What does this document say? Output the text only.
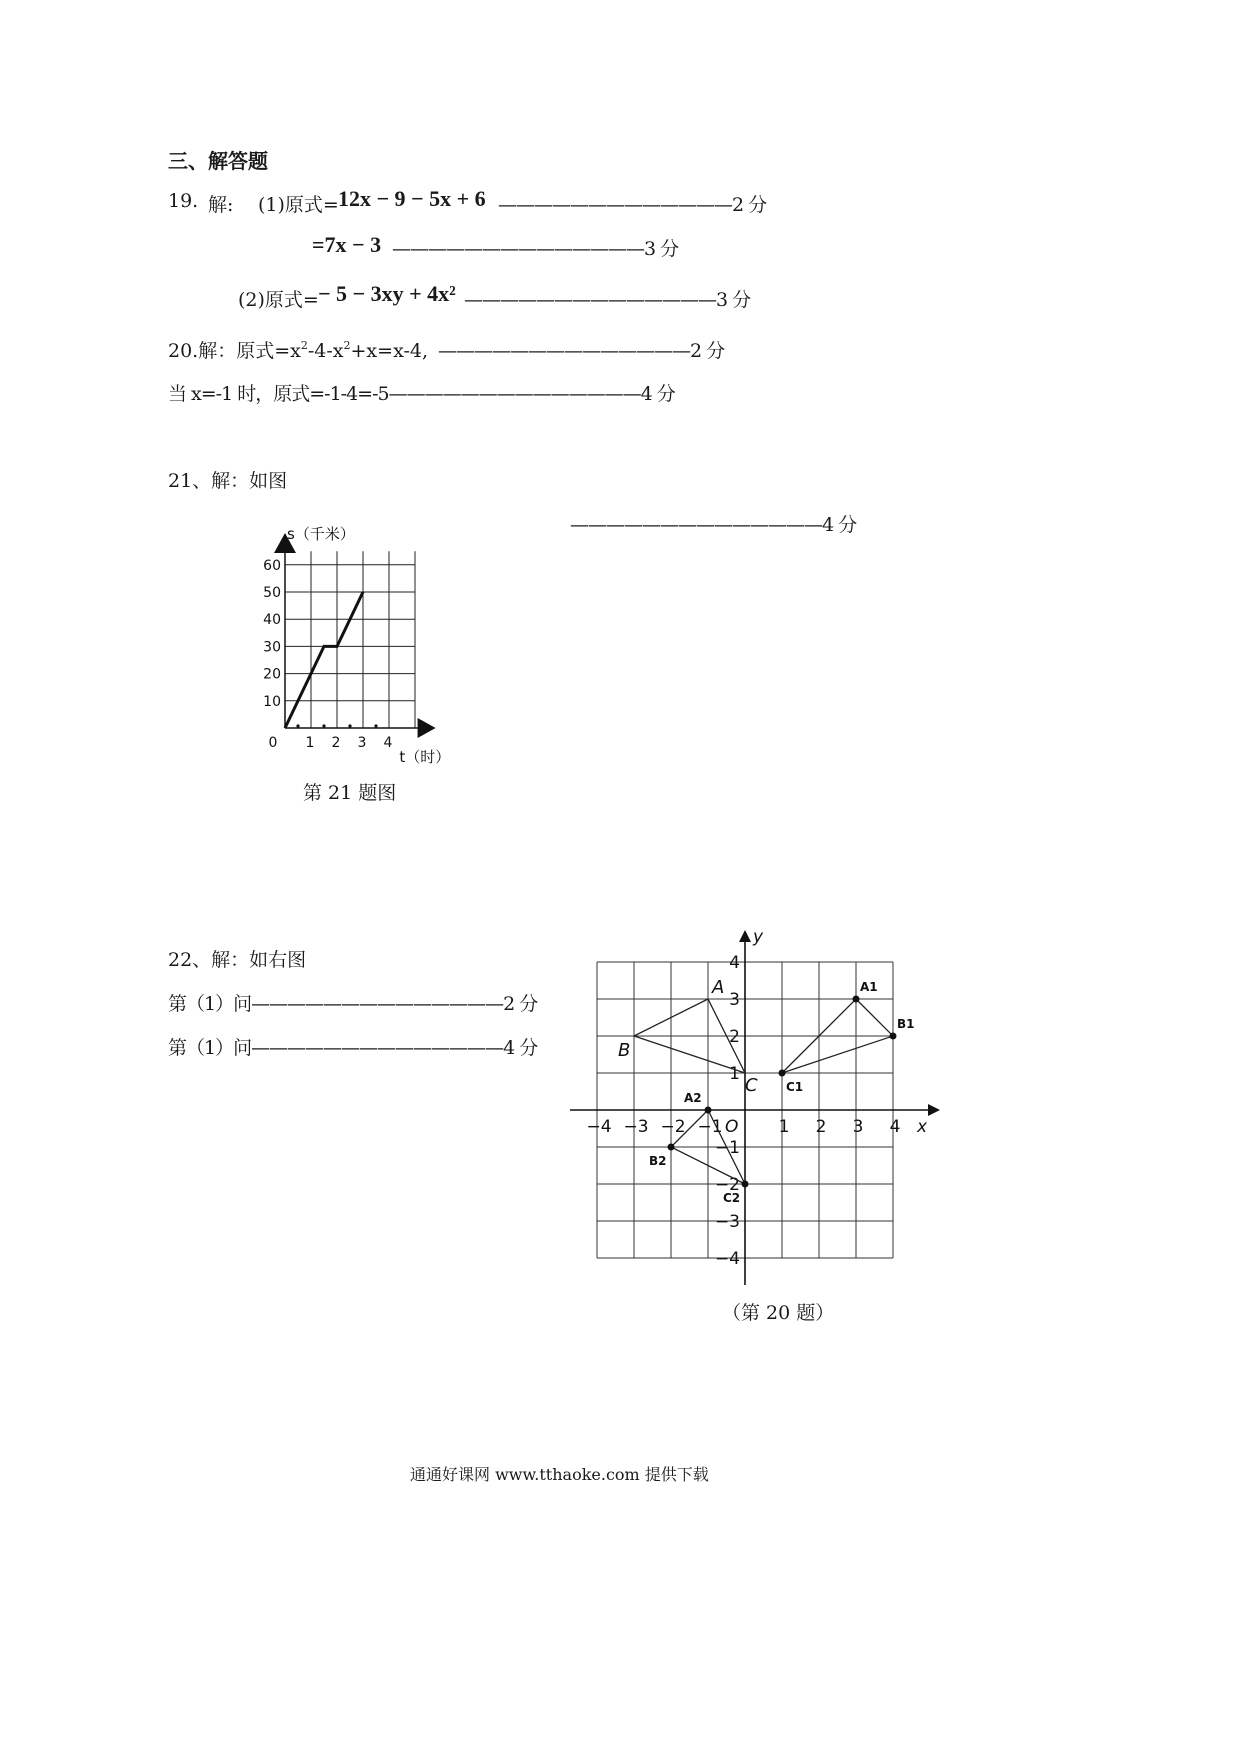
三、解答题
19. 解: (1)原式= 12x − 9 − 5x + 6 —————————————2 分
=7x − 3 ——————————————3 分
(2)原式= − 5 − 3xy + 4x² ——————————————3 分
20.解：原式$=x^2-4-x^2+x=x-4$, ——————————————2 分
当 x=-1 时，原式=-1-4=-5——————————————4 分
21、解：如图
——————————————4 分
0 1 2 3 4
10
20
30
40
50
60
s（千米）
t（时）
第 21 题图
22、解：如右图
第（1）问——————————————2 分
第（1）问——————————————4 分
x
y
O
−4 −3 −2 −1	1 2 3 4
4
3
2
1
−1
−2
−3
−4
A
B
C
A1
B1
C1
A2
B2
C2
（第 20 题）
通通好课网 www.tthaoke.com 提供下载
